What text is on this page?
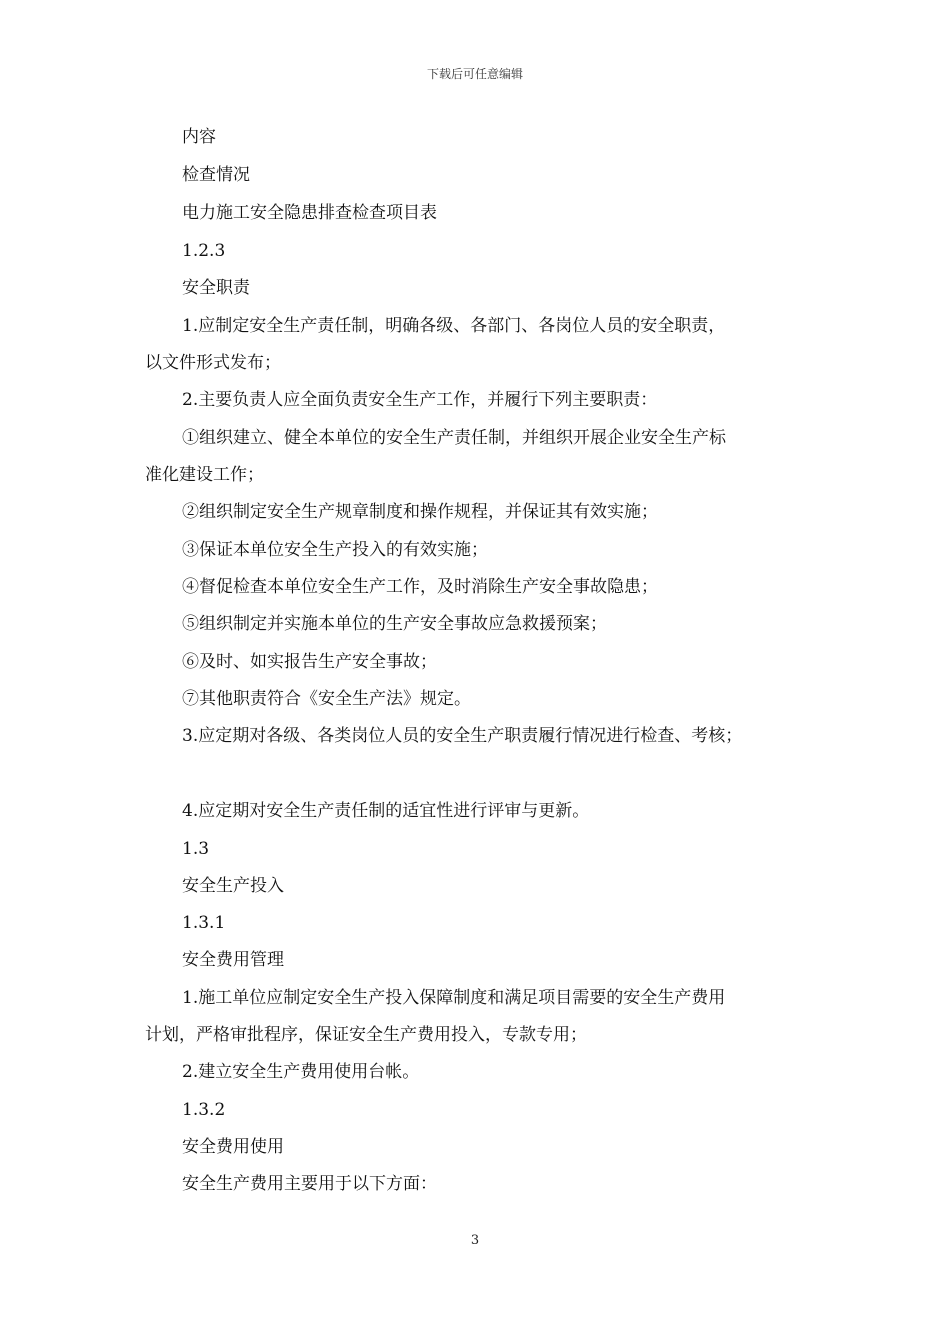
下载后可任意编辑
内容
检查情况
电力施工安全隐患排查检查项目表
1.2.3
安全职责
1.应制定安全生产责任制，明确各级、各部门、各岗位人员的安全职责，
以文件形式发布；
2.主要负责人应全面负责安全生产工作，并履行下列主要职责：
①组织建立、健全本单位的安全生产责任制，并组织开展企业安全生产标
准化建设工作；
②组织制定安全生产规章制度和操作规程，并保证其有效实施；
③保证本单位安全生产投入的有效实施；
④督促检查本单位安全生产工作，及时消除生产安全事故隐患；
⑤组织制定并实施本单位的生产安全事故应急救援预案；
⑥及时、如实报告生产安全事故；
⑦其他职责符合《安全生产法》规定。
3.应定期对各级、各类岗位人员的安全生产职责履行情况进行检查、考核；
4.应定期对安全生产责任制的适宜性进行评审与更新。
1.3
安全生产投入
1.3.1
安全费用管理
1.施工单位应制定安全生产投入保障制度和满足项目需要的安全生产费用
计划，严格审批程序，保证安全生产费用投入，专款专用；
2.建立安全生产费用使用台帐。
1.3.2
安全费用使用
安全生产费用主要用于以下方面：
3
